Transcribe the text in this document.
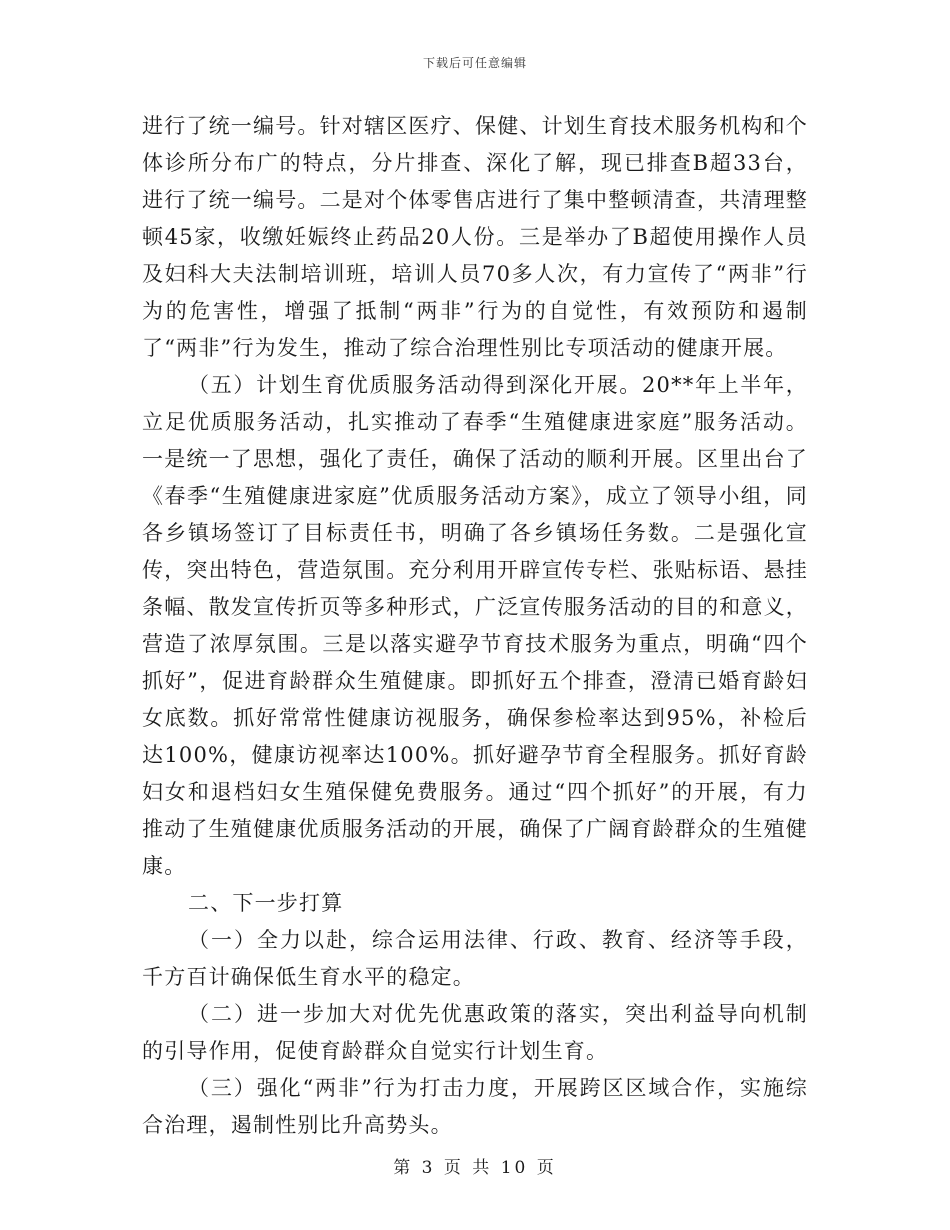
下载后可任意编辑

进行了统一编号。针对辖区医疗、保健、计划生育技术服务机构和个体诊所分布广的特点，分片排查、深化了解，现已排查B超33台，进行了统一编号。二是对个体零售店进行了集中整顿清查，共清理整顿45家，收缴妊娠终止药品20人份。三是举办了B超使用操作人员及妇科大夫法制培训班，培训人员70多人次，有力宣传了“两非”行为的危害性，增强了抵制“两非”行为的自觉性，有效预防和遏制了“两非”行为发生，推动了综合治理性别比专项活动的健康开展。

（五）计划生育优质服务活动得到深化开展。20**年上半年，立足优质服务活动，扎实推动了春季“生殖健康进家庭”服务活动。一是统一了思想，强化了责任，确保了活动的顺利开展。区里出台了《春季“生殖健康进家庭”优质服务活动方案》，成立了领导小组，同各乡镇场签订了目标责任书，明确了各乡镇场任务数。二是强化宣传，突出特色，营造氛围。充分利用开辟宣传专栏、张贴标语、悬挂条幅、散发宣传折页等多种形式，广泛宣传服务活动的目的和意义，营造了浓厚氛围。三是以落实避孕节育技术服务为重点，明确“四个抓好”，促进育龄群众生殖健康。即抓好五个排查，澄清已婚育龄妇女底数。抓好常常性健康访视服务，确保参检率达到95%，补检后达100%，健康访视率达100%。抓好避孕节育全程服务。抓好育龄妇女和退档妇女生殖保健免费服务。通过“四个抓好”的开展，有力推动了生殖健康优质服务活动的开展，确保了广阔育龄群众的生殖健康。

二、下一步打算

（一）全力以赴，综合运用法律、行政、教育、经济等手段，千方百计确保低生育水平的稳定。

（二）进一步加大对优先优惠政策的落实，突出利益导向机制的引导作用，促使育龄群众自觉实行计划生育。

（三）强化“两非”行为打击力度，开展跨区区域合作，实施综合治理，遏制性别比升高势头。

第 3 页 共 10 页
